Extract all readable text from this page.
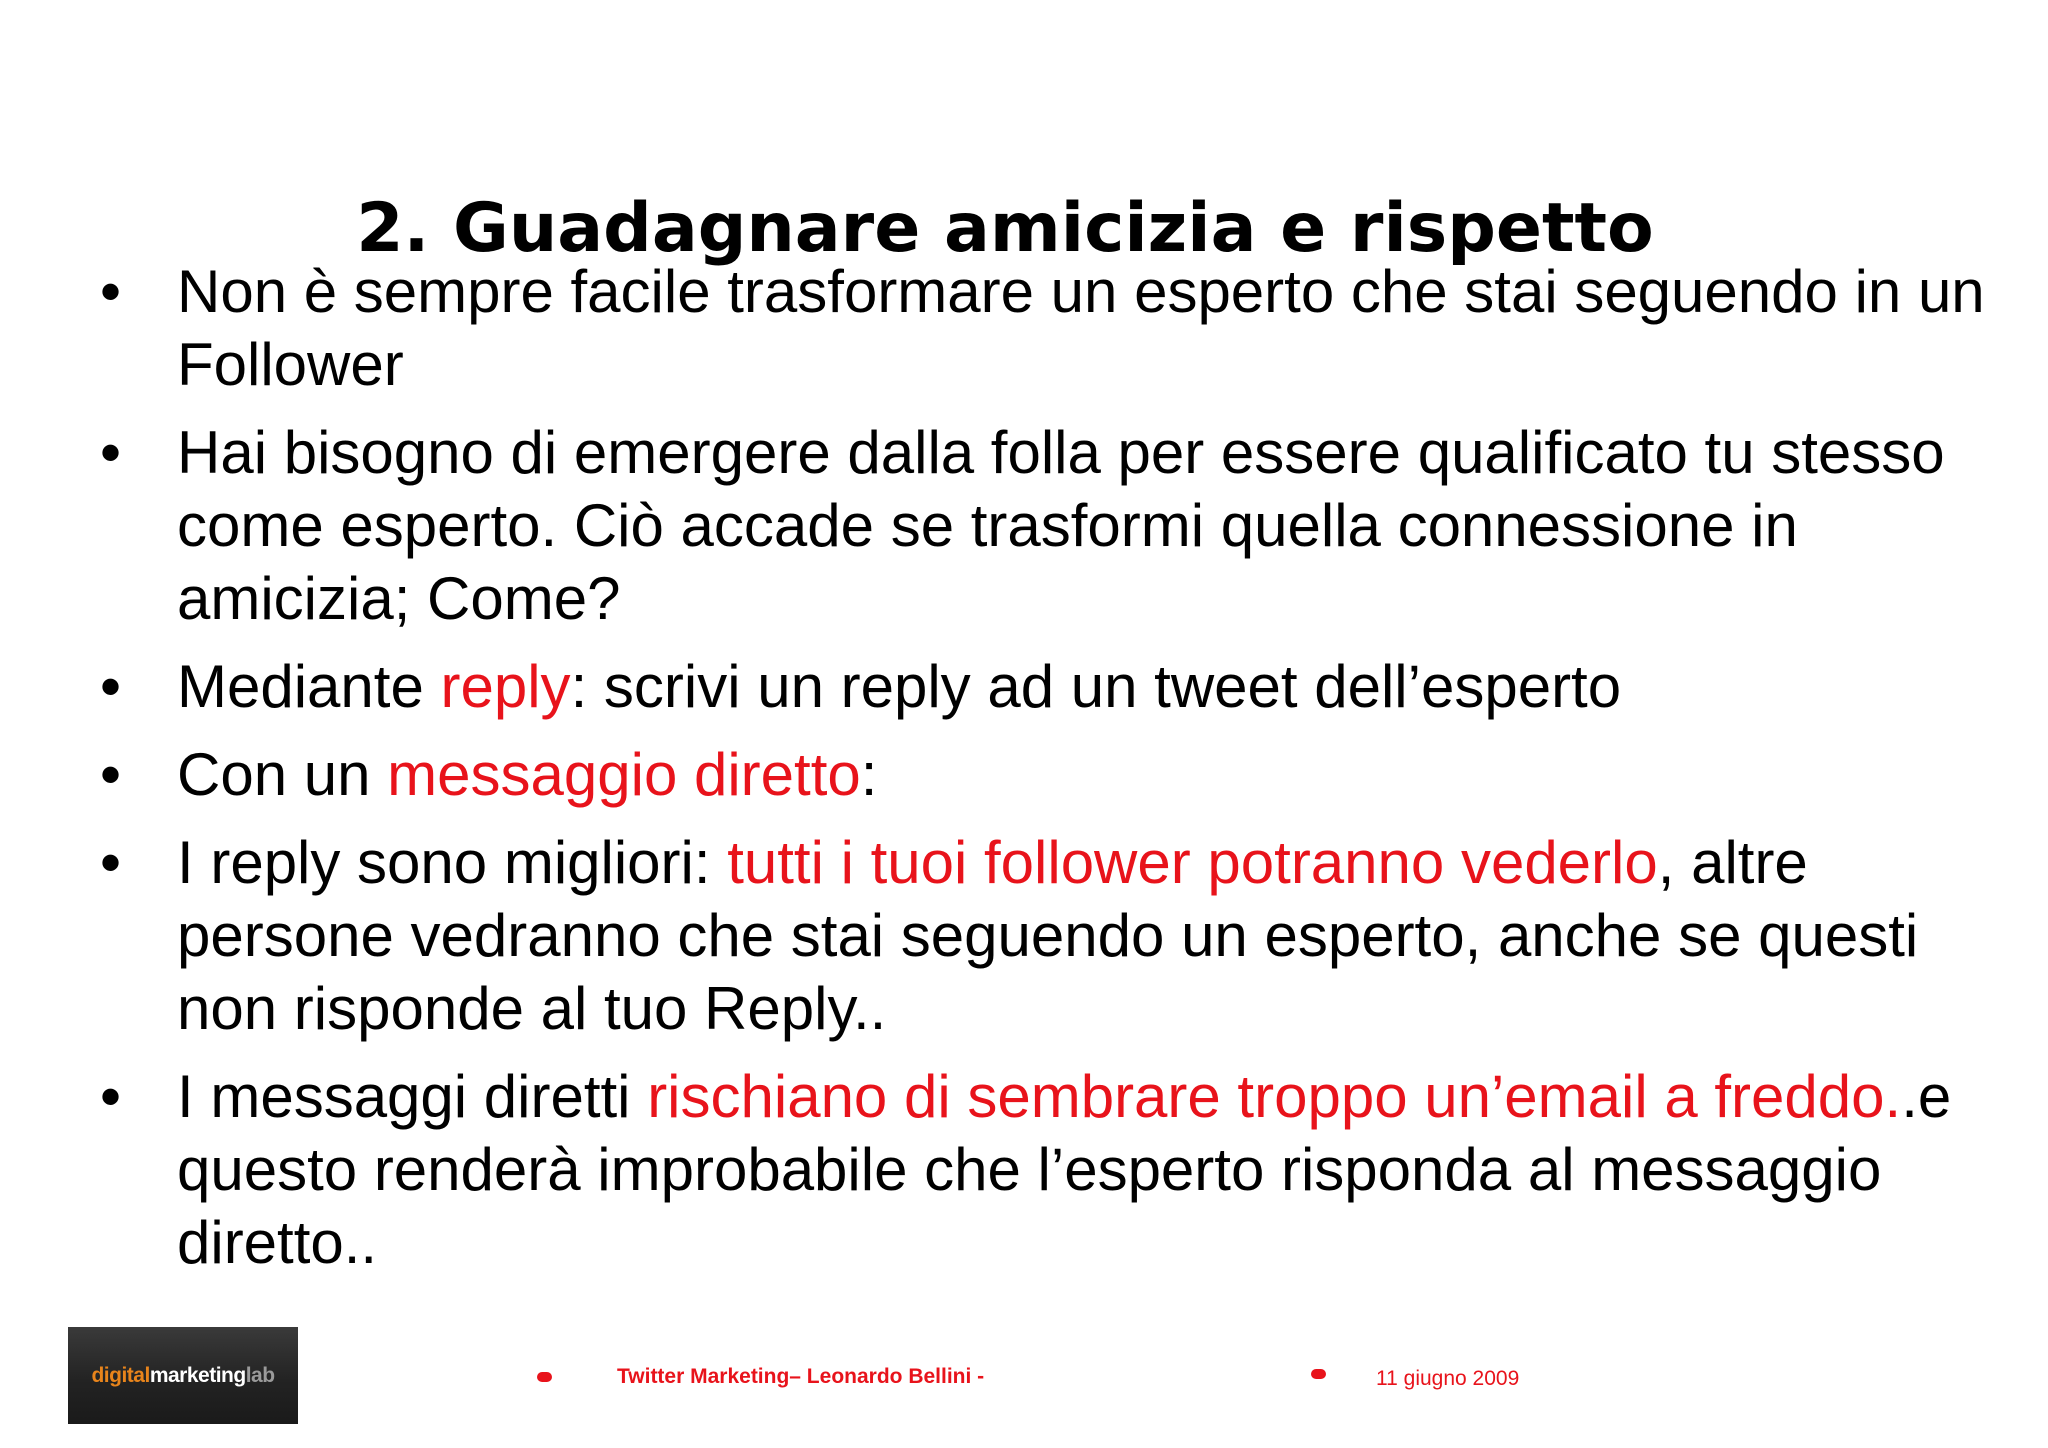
2. Guadagnare amicizia e rispetto
• Non è sempre facile trasformare un esperto che stai seguendo in un Follower
• Hai bisogno di emergere dalla folla per essere qualificato tu stesso come esperto. Ciò accade se trasformi quella connessione in amicizia; Come?
• Mediante reply: scrivi un reply ad un tweet dell’esperto
• Con un messaggio diretto:
• I reply sono migliori: tutti i tuoi follower potranno vederlo, altre persone vedranno che stai seguendo un esperto, anche se questi non risponde al tuo Reply..
• I messaggi diretti rischiano di sembrare troppo un’email a freddo..e questo renderà improbabile che l’esperto risponda al messaggio diretto..
digitalmarketinglab	Twitter Marketing– Leonardo Bellini -	11 giugno 2009
